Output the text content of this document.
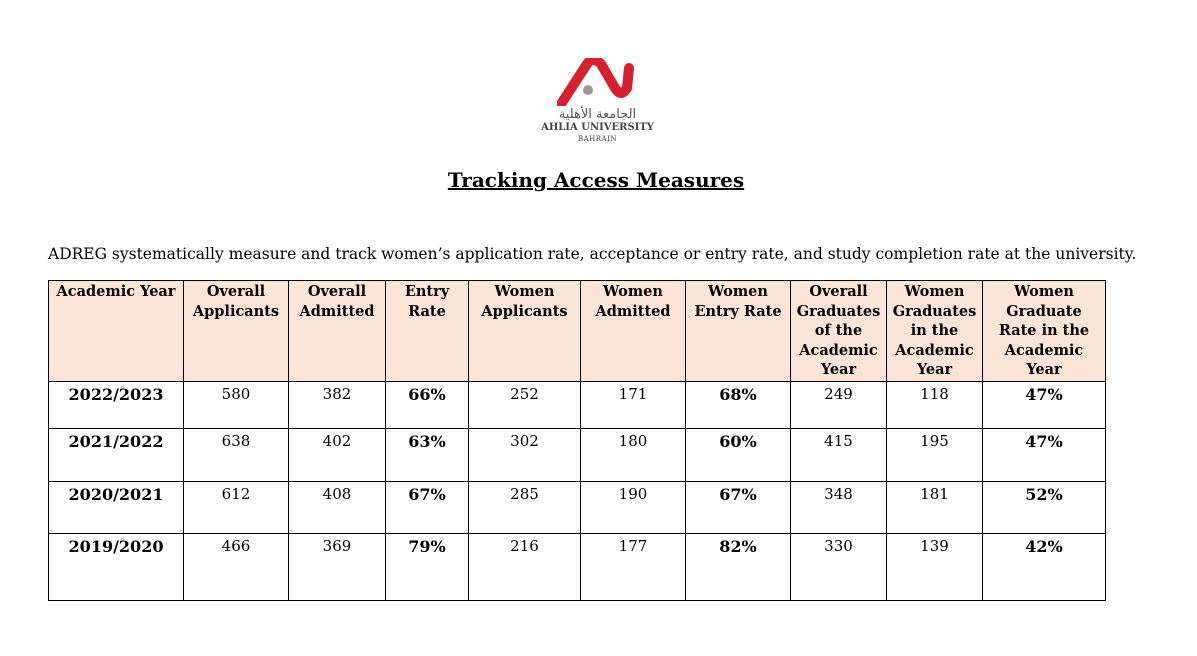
الجامعة الأهلية
AHLIA UNIVERSITY
BAHRAIN
Tracking Access Measures
ADREG systematically measure and track women’s application rate, acceptance or entry rate, and study completion rate at the university.
Academic Year	Overall Applicants	Overall Admitted	Entry Rate	Women Applicants	Women Admitted	Women Entry Rate	Overall Graduates of the Academic Year	Women Graduates in the Academic Year	Women Graduate Rate in the Academic Year
2022/2023	580	382	66%	252	171	68%	249	118	47%
2021/2022	638	402	63%	302	180	60%	415	195	47%
2020/2021	612	408	67%	285	190	67%	348	181	52%
2019/2020	466	369	79%	216	177	82%	330	139	42%
